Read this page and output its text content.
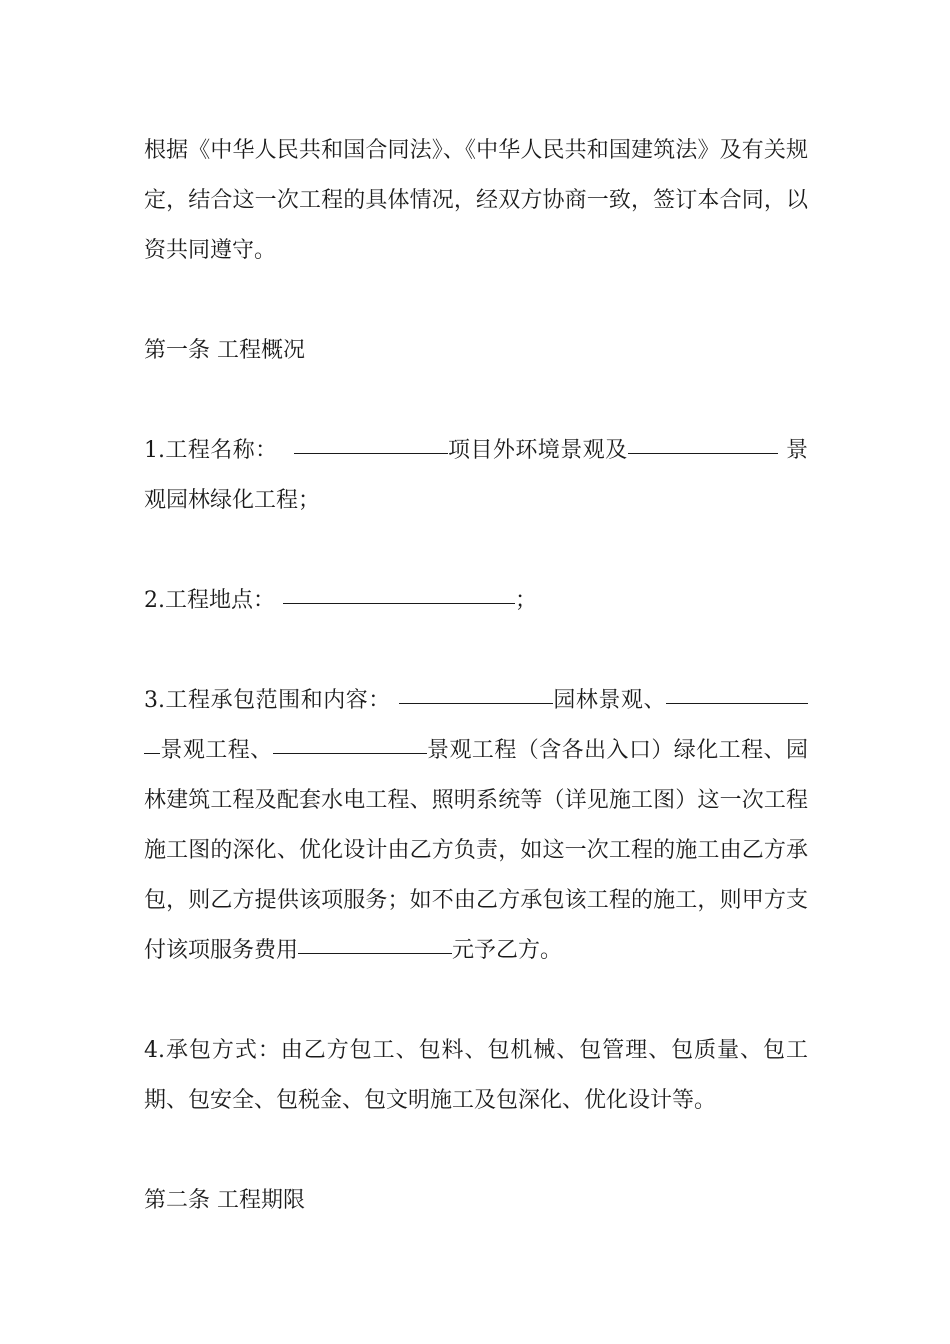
根据《中华人民共和国合同法》、《中华人民共和国建筑法》及有关规定，结合这一次工程的具体情况，经双方协商一致，签订本合同，以资共同遵守。

第一条 工程概况

1.工程名称：	项目外环境景观及	景观园林绿化工程；

2.工程地点：	；

3.工程承包范围和内容：	园林景观、景观工程、	景观工程（含各出入口）绿化工程、园林建筑工程及配套水电工程、照明系统等（详见施工图）这一次工程施工图的深化、优化设计由乙方负责，如这一次工程的施工由乙方承包，则乙方提供该项服务；如不由乙方承包该工程的施工，则甲方支付该项服务费用	元予乙方。

4.承包方式：由乙方包工、包料、包机械、包管理、包质量、包工期、包安全、包税金、包文明施工及包深化、优化设计等。

第二条 工程期限
